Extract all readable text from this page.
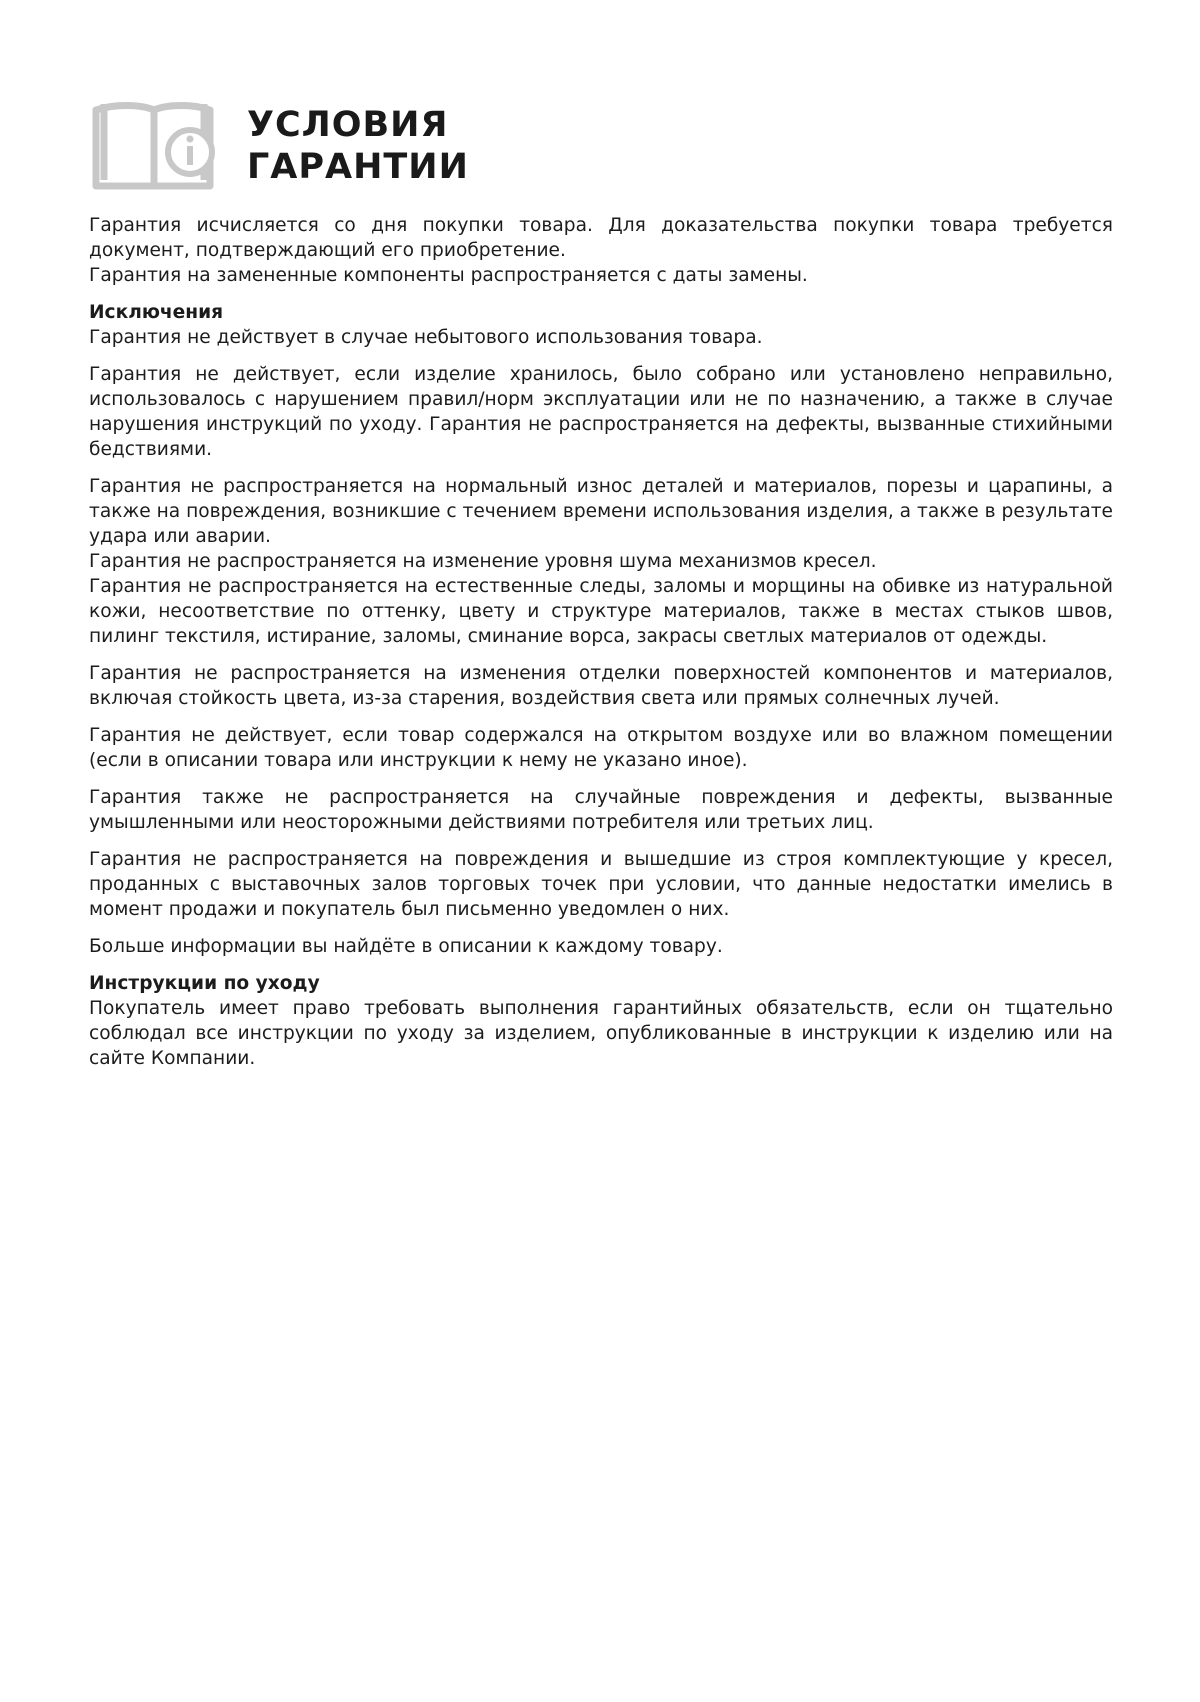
УСЛОВИЯ
ГАРАНТИИ

Гарантия исчисляется со дня покупки товара. Для доказательства покупки товара требуется документ, подтверждающий его приобретение.

Гарантия на замененные компоненты распространяется с даты замены.

Исключения

Гарантия не действует в случае небытового использования товара.

Гарантия не действует, если изделие хранилось, было собрано или установлено неправильно, использовалось с нарушением правил/норм эксплуатации или не по назначению, а также в случае нарушения инструкций по уходу. Гарантия не распространяется на дефекты, вызванные стихийными бедствиями.

Гарантия не распространяется на нормальный износ деталей и материалов, порезы и царапины, а также на повреждения, возникшие с течением времени использования изделия, а также в результате удара или аварии.

Гарантия не распространяется на изменение уровня шума механизмов кресел.

Гарантия не распространяется на естественные следы, заломы и морщины на обивке из натуральной кожи, несоответствие по оттенку, цвету и структуре материалов, также в местах стыков швов, пилинг текстиля, истирание, заломы, сминание ворса, закрасы светлых материалов от одежды.

Гарантия не распространяется на изменения отделки поверхностей компонентов и материалов, включая стойкость цвета, из-за старения, воздействия света или прямых солнечных лучей.

Гарантия не действует, если товар содержался на открытом воздухе или во влажном помещении (если в описании товара или инструкции к нему не указано иное).

Гарантия также не распространяется на случайные повреждения и дефекты, вызванные умышленными или неосторожными действиями потребителя или третьих лиц.

Гарантия не распространяется на повреждения и вышедшие из строя комплектующие у кресел, проданных с выставочных залов торговых точек при условии, что данные недостатки имелись в момент продажи и покупатель был письменно уведомлен о них.

Больше информации вы найдёте в описании к каждому товару.

Инструкции по уходу

Покупатель имеет право требовать выполнения гарантийных обязательств, если он тщательно соблюдал все инструкции по уходу за изделием, опубликованные в инструкции к изделию или на сайте Компании.
